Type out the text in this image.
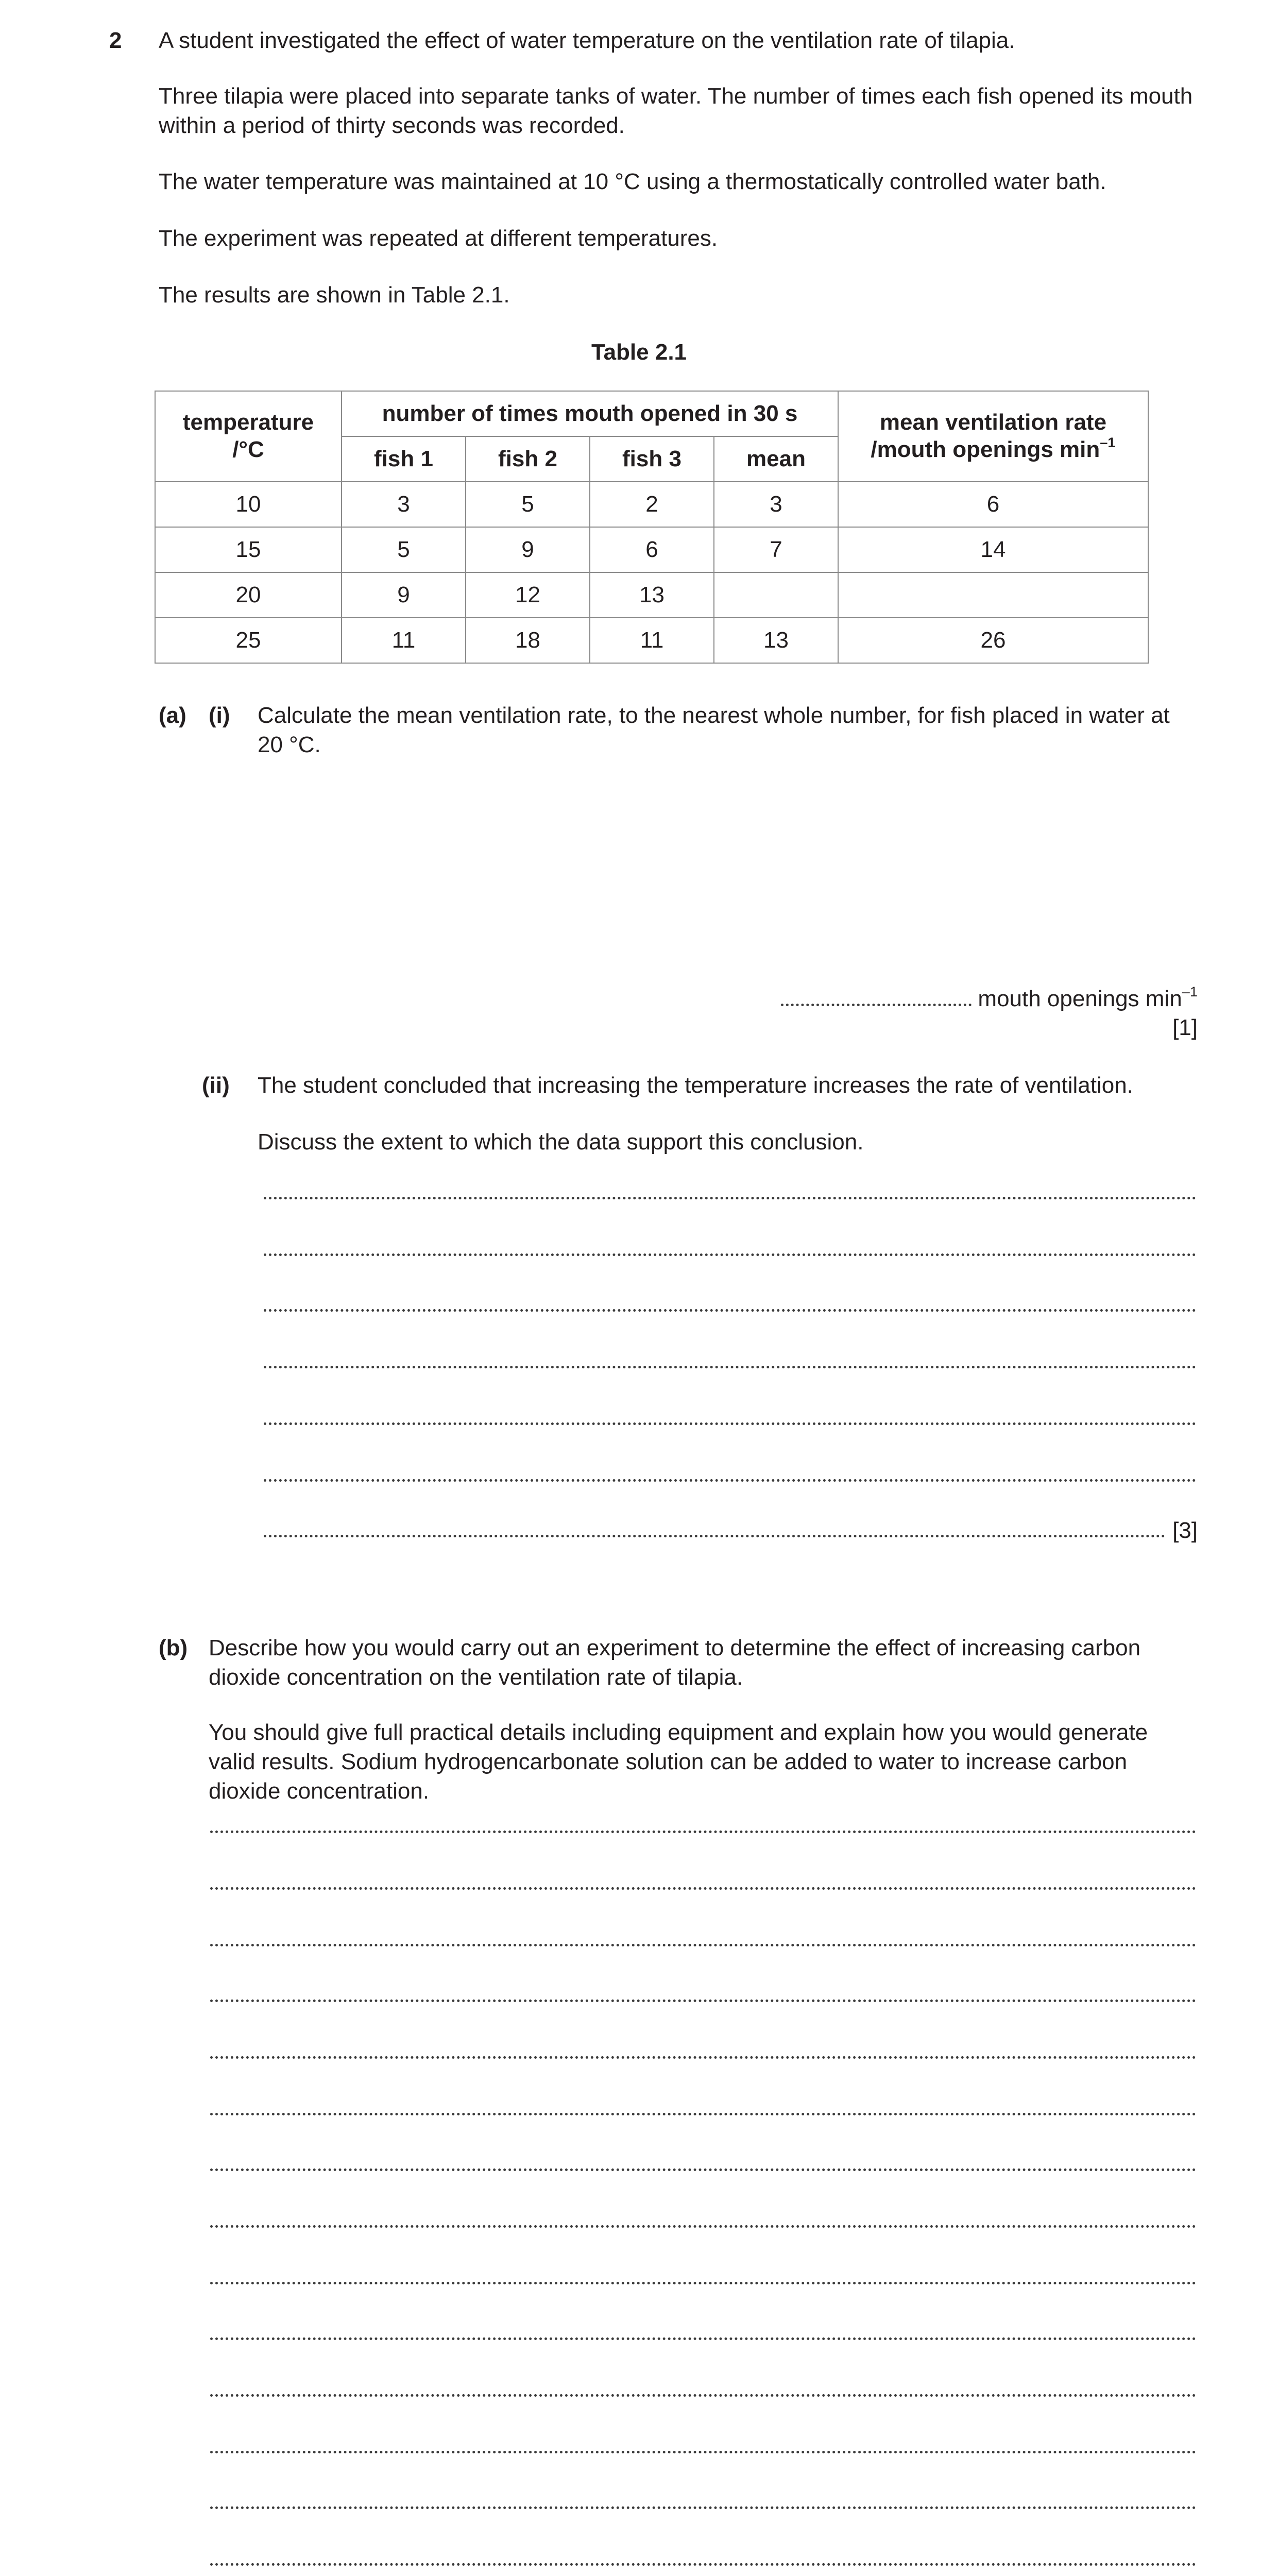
2 A student investigated the effect of water temperature on the ventilation rate of tilapia.

Three tilapia were placed into separate tanks of water. The number of times each fish opened its mouth within a period of thirty seconds was recorded.

The water temperature was maintained at 10 °C using a thermostatically controlled water bath.

The experiment was repeated at different temperatures.

The results are shown in Table 2.1.

Table 2.1
temperature
/°C	number of times mouth opened in 30 s				mean ventilation rate
/mouth openings $\min^{-1}$
	fish 1	fish 2	fish 3	mean	
10	3	5	2	3	6
15	5	9	6	7	14
20	9	12	13		
25	11	18	11	13	26
(a) (i) Calculate the mean ventilation rate, to the nearest whole number, for fish placed in water at 20 °C.

mouth openings $\min^{-1}$
[1]
(ii) The student concluded that increasing the temperature increases the rate of ventilation.

Discuss the extent to which the data support this conclusion.

[3]
(b) Describe how you would carry out an experiment to determine the effect of increasing carbon dioxide concentration on the ventilation rate of tilapia.

You should give full practical details including equipment and explain how you would generate valid results. Sodium hydrogencarbonate solution can be added to water to increase carbon dioxide concentration.
